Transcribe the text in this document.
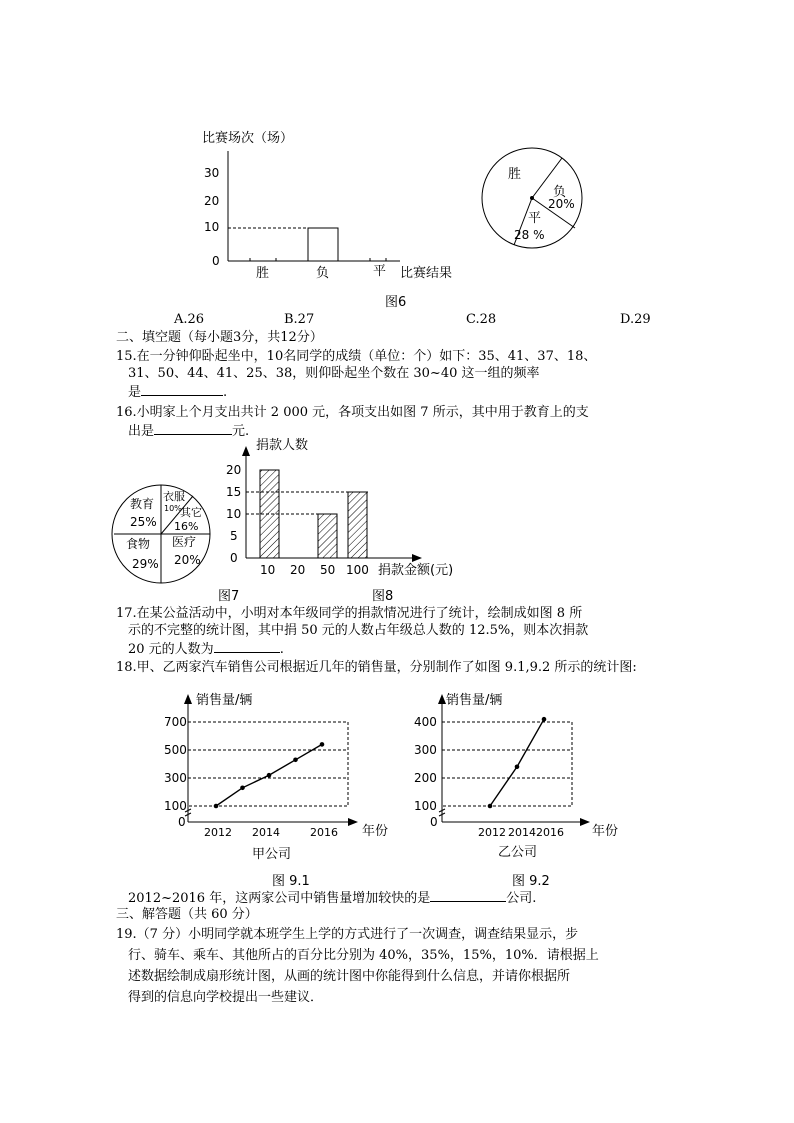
比赛场次（场）
30
20
10
0
胜	负	平 比赛结果
胜
负
20%
平
28 %
图6
A.26	B.27	C.28	D.29
二、填空题（每小题3分，共12分）
15.在一分钟仰卧起坐中，10名同学的成绩（单位：个）如下：35、41、37、18、
31、50、44、41、25、38，则仰卧起坐个数在 30~40 这一组的频率
是	.
16.小明家上个月支出共计 2 000 元，各项支出如图 7 所示，其中用于教育上的支
出是	元.
教育
25%
衣服
10%
其它
16%
食物
29%
医疗
20%
图7
捐款人数
20
15
10
5
0
10 20 50 100 捐款金额(元)
图8
17.在某公益活动中，小明对本年级同学的捐款情况进行了统计，绘制成如图 8 所
示的不完整的统计图，其中捐 50 元的人数占年级总人数的 12.5%，则本次捐款
20 元的人数为	.
18.甲、乙两家汽车销售公司根据近几年的销售量，分别制作了如图 9.1,9.2 所示的统计图:
销售量/辆
700
500
300
100
0
2012 2014	2016 年份
甲公司
销售量/辆
400
300
200
100
0
2012 2014 2016 年份
乙公司
图 9.1	图 9.2
2012~2016 年，这两家公司中销售量增加较快的是	公司.
三、解答题（共 60 分）
19.（7 分）小明同学就本班学生上学的方式进行了一次调查，调查结果显示，步
行、骑车、乘车、其他所占的百分比分别为 40%，35%，15%，10%．请根据上
述数据绘制成扇形统计图，从画的统计图中你能得到什么信息，并请你根据所
得到的信息向学校提出一些建议．
